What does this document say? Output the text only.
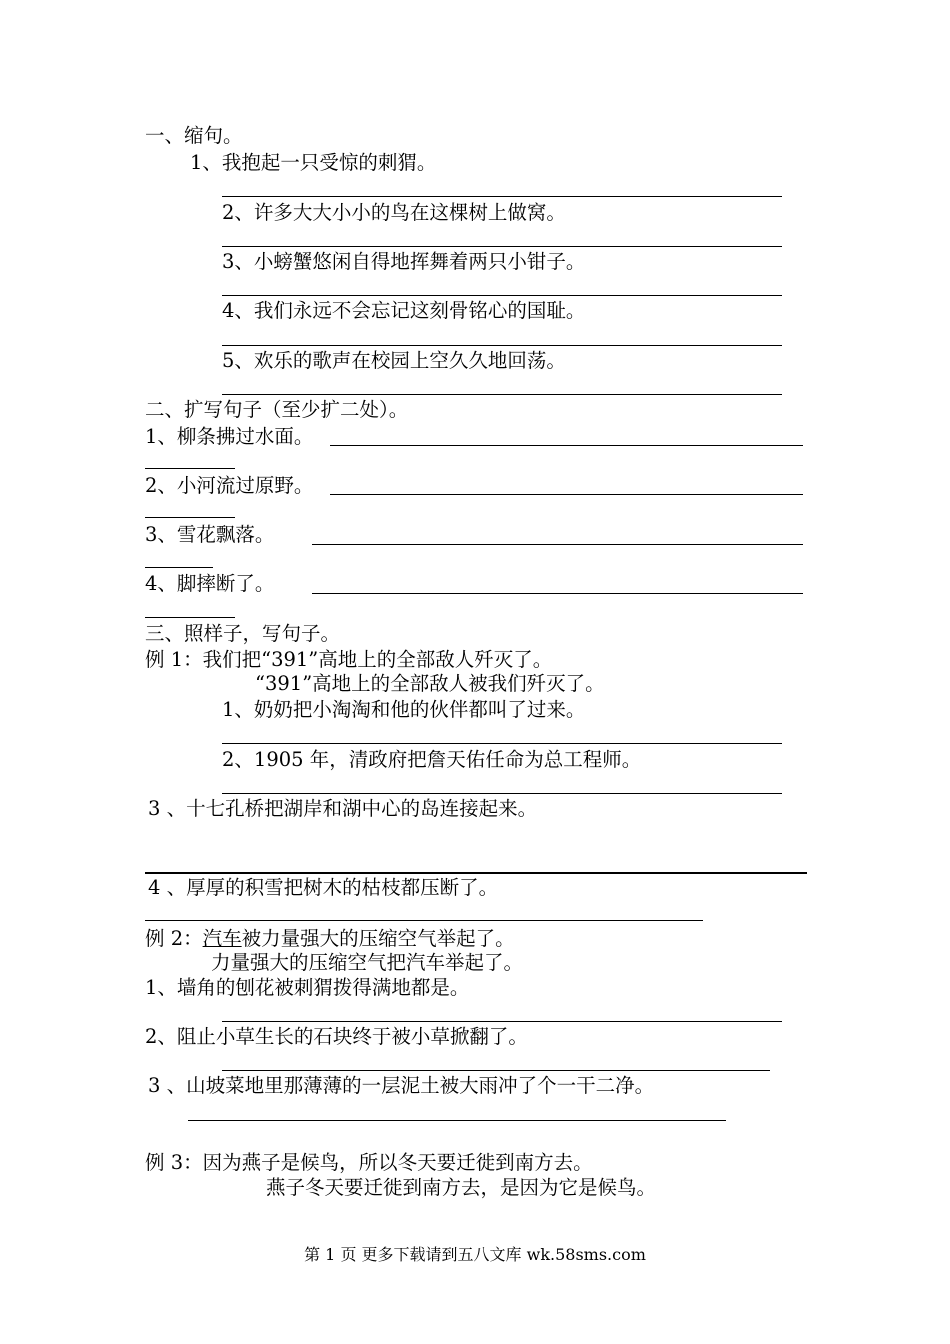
一、缩句。
1、我抱起一只受惊的刺猬。
2、许多大大小小的鸟在这棵树上做窝。
3、小螃蟹悠闲自得地挥舞着两只小钳子。
4、我们永远不会忘记这刻骨铭心的国耻。
5、欢乐的歌声在校园上空久久地回荡。
二、扩写句子（至少扩二处）。
1、柳条拂过水面。
2、小河流过原野。
3、雪花飘落。
4、脚摔断了。
三、照样子，写句子。
例 1：我们把“391”高地上的全部敌人歼灭了。
“391”高地上的全部敌人被我们歼灭了。
1、奶奶把小淘淘和他的伙伴都叫了过来。
2、1905 年，清政府把詹天佑任命为总工程师。
3 、十七孔桥把湖岸和湖中心的岛连接起来。
4 、厚厚的积雪把树木的枯枝都压断了。
例 2：汽车被力量强大的压缩空气举起了。
力量强大的压缩空气把汽车举起了。
1、墙角的刨花被刺猬拨得满地都是。
2、阻止小草生长的石块终于被小草掀翻了。
3 、山坡菜地里那薄薄的一层泥土被大雨冲了个一干二净。
例 3：因为燕子是候鸟，所以冬天要迁徙到南方去。
燕子冬天要迁徙到南方去，是因为它是候鸟。
第 1 页 更多下载请到五八文库 wk.58sms.com
